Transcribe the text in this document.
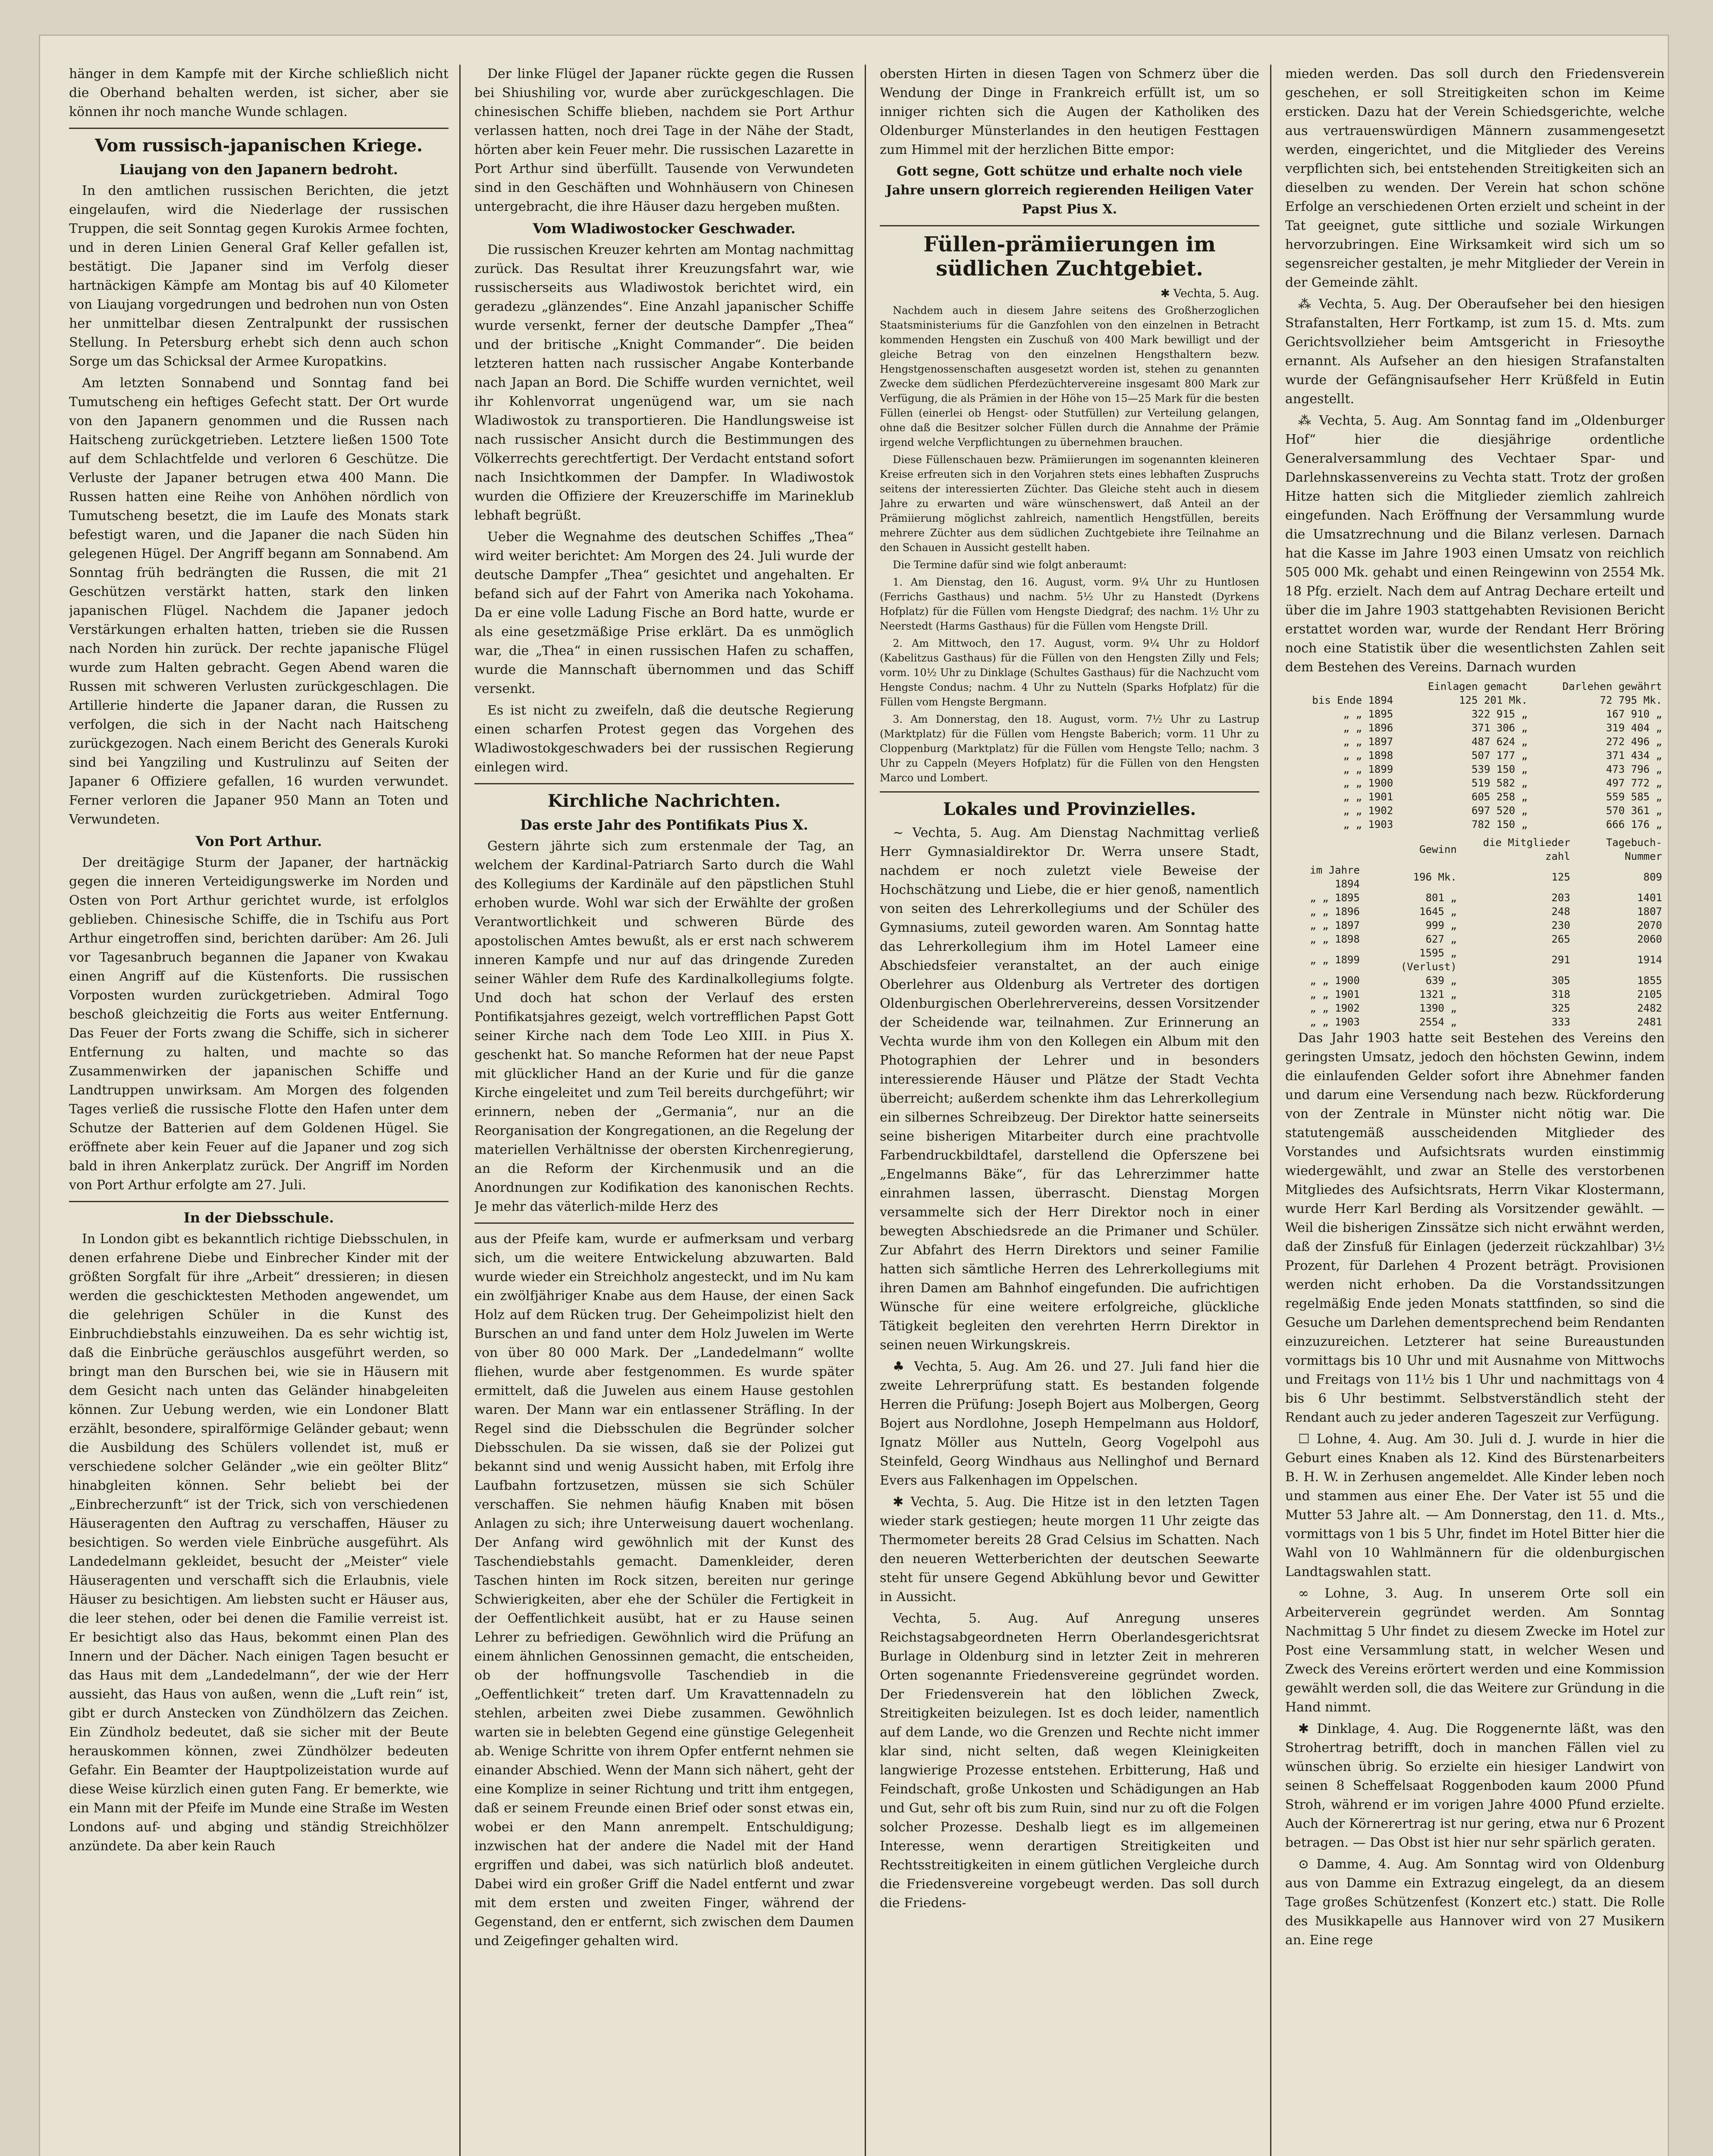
hänger in dem Kampfe mit der Kirche schließlich nicht die Oberhand behalten werden, ist sicher, aber sie können ihr noch manche Wunde schlagen.

Vom russisch-japanischen Kriege.
Liaujang von den Japanern bedroht.

In den amtlichen russischen Berichten, die jetzt eingelaufen, wird die Niederlage der russischen Truppen, die seit Sonntag gegen Kurokis Armee fochten, und in deren Linien General Graf Keller gefallen ist, bestätigt. Die Japaner sind im Verfolg dieser hartnäckigen Kämpfe am Montag bis auf 40 Kilometer von Liaujang vorgedrungen und bedrohen nun von Osten her unmittelbar diesen Zentralpunkt der russischen Stellung. In Petersburg erhebt sich denn auch schon Sorge um das Schicksal der Armee Kuropatkins.

Am letzten Sonnabend und Sonntag fand bei Tumutscheng ein heftiges Gefecht statt. Der Ort wurde von den Japanern genommen und die Russen nach Haitscheng zurückgetrieben. Letztere ließen 1500 Tote auf dem Schlachtfelde und verloren 6 Geschütze. Die Verluste der Japaner betrugen etwa 400 Mann. Die Russen hatten eine Reihe von Anhöhen nördlich von Tumutscheng besetzt, die im Laufe des Monats stark befestigt waren, und die Japaner die nach Süden hin gelegenen Hügel. Der Angriff begann am Sonnabend. Am Sonntag früh bedrängten die Russen, die mit 21 Geschützen verstärkt hatten, stark den linken japanischen Flügel. Nachdem die Japaner jedoch Verstärkungen erhalten hatten, trieben sie die Russen nach Norden hin zurück. Der rechte japanische Flügel wurde zum Halten gebracht. Gegen Abend waren die Russen mit schweren Verlusten zurückgeschlagen. Die Artillerie hinderte die Japaner daran, die Russen zu verfolgen, die sich in der Nacht nach Haitscheng zurückgezogen. Nach einem Bericht des Generals Kuroki sind bei Yangziling und Kustrulinzu auf Seiten der Japaner 6 Offiziere gefallen, 16 wurden verwundet. Ferner verloren die Japaner 950 Mann an Toten und Verwundeten.

Von Port Arthur.

Der dreitägige Sturm der Japaner, der hartnäckig gegen die inneren Verteidigungswerke im Norden und Osten von Port Arthur gerichtet wurde, ist erfolglos geblieben. Chinesische Schiffe, die in Tschifu aus Port Arthur eingetroffen sind, berichten darüber: Am 26. Juli vor Tagesanbruch begannen die Japaner von Kwakau einen Angriff auf die Küstenforts. Die russischen Vorposten wurden zurückgetrieben. Admiral Togo beschoß gleichzeitig die Forts aus weiter Entfernung. Das Feuer der Forts zwang die Schiffe, sich in sicherer Entfernung zu halten, und machte so das Zusammenwirken der japanischen Schiffe und Landtruppen unwirksam. Am Morgen des folgenden Tages verließ die russische Flotte den Hafen unter dem Schutze der Batterien auf dem Goldenen Hügel. Sie eröffnete aber kein Feuer auf die Japaner und zog sich bald in ihren Ankerplatz zurück. Der Angriff im Norden von Port Arthur erfolgte am 27. Juli.

In der Diebsschule.

In London gibt es bekanntlich richtige Diebsschulen, in denen erfahrene Diebe und Einbrecher Kinder mit der größten Sorgfalt für ihre „Arbeit“ dressieren; in diesen werden die geschicktesten Methoden angewendet, um die gelehrigen Schüler in die Kunst des Einbruchdiebstahls einzuweihen. Da es sehr wichtig ist, daß die Einbrüche geräuschlos ausgeführt werden, so bringt man den Burschen bei, wie sie in Häusern mit dem Gesicht nach unten das Geländer hinabgeleiten können. Zur Uebung werden, wie ein Londoner Blatt erzählt, besondere, spiralförmige Geländer gebaut; wenn die Ausbildung des Schülers vollendet ist, muß er verschiedene solcher Geländer „wie ein geölter Blitz“ hinabgleiten können. Sehr beliebt bei der „Einbrecherzunft“ ist der Trick, sich von verschiedenen Häuseragenten den Auftrag zu verschaffen, Häuser zu besichtigen. So werden viele Einbrüche ausgeführt. Als Landedelmann gekleidet, besucht der „Meister“ viele Häuseragenten und verschafft sich die Erlaubnis, viele Häuser zu besichtigen. Am liebsten sucht er Häuser aus, die leer stehen, oder bei denen die Familie verreist ist. Er besichtigt also das Haus, bekommt einen Plan des Innern und der Dächer. Nach einigen Tagen besucht er das Haus mit dem „Landedelmann“, der wie der Herr aussieht, das Haus von außen, wenn die „Luft rein“ ist, gibt er durch Anstecken von Zündhölzern das Zeichen. Ein Zündholz bedeutet, daß sie sicher mit der Beute herauskommen können, zwei Zündhölzer bedeuten Gefahr. Ein Beamter der Hauptpolizeistation wurde auf diese Weise kürzlich einen guten Fang. Er bemerkte, wie ein Mann mit der Pfeife im Munde eine Straße im Westen Londons auf- und abging und ständig Streichhölzer anzündete. Da aber kein Rauch

Der linke Flügel der Japaner rückte gegen die Russen bei Shiushiling vor, wurde aber zurückgeschlagen. Die chinesischen Schiffe blieben, nachdem sie Port Arthur verlassen hatten, noch drei Tage in der Nähe der Stadt, hörten aber kein Feuer mehr. Die russischen Lazarette in Port Arthur sind überfüllt. Tausende von Verwundeten sind in den Geschäften und Wohnhäusern von Chinesen untergebracht, die ihre Häuser dazu hergeben mußten.

Vom Wladiwostocker Geschwader.

Die russischen Kreuzer kehrten am Montag nachmittag zurück. Das Resultat ihrer Kreuzungsfahrt war, wie russischerseits aus Wladiwostok berichtet wird, ein geradezu „glänzendes“. Eine Anzahl japanischer Schiffe wurde versenkt, ferner der deutsche Dampfer „Thea“ und der britische „Knight Commander“. Die beiden letzteren hatten nach russischer Angabe Konterbande nach Japan an Bord. Die Schiffe wurden vernichtet, weil ihr Kohlenvorrat ungenügend war, um sie nach Wladiwostok zu transportieren. Die Handlungsweise ist nach russischer Ansicht durch die Bestimmungen des Völkerrechts gerechtfertigt. Der Verdacht entstand sofort nach Insichtkommen der Dampfer. In Wladiwostok wurden die Offiziere der Kreuzerschiffe im Marineklub lebhaft begrüßt.

Ueber die Wegnahme des deutschen Schiffes „Thea“ wird weiter berichtet: Am Morgen des 24. Juli wurde der deutsche Dampfer „Thea“ gesichtet und angehalten. Er befand sich auf der Fahrt von Amerika nach Yokohama. Da er eine volle Ladung Fische an Bord hatte, wurde er als eine gesetzmäßige Prise erklärt. Da es unmöglich war, die „Thea“ in einen russischen Hafen zu schaffen, wurde die Mannschaft übernommen und das Schiff versenkt.

Es ist nicht zu zweifeln, daß die deutsche Regierung einen scharfen Protest gegen das Vorgehen des Wladiwostokgeschwaders bei der russischen Regierung einlegen wird.

Kirchliche Nachrichten.
Das erste Jahr des Pontifikats Pius X.

Gestern jährte sich zum erstenmale der Tag, an welchem der Kardinal-Patriarch Sarto durch die Wahl des Kollegiums der Kardinäle auf den päpstlichen Stuhl erhoben wurde. Wohl war sich der Erwählte der großen Verantwortlichkeit und schweren Bürde des apostolischen Amtes bewußt, als er erst nach schwerem inneren Kampfe und nur auf das dringende Zureden seiner Wähler dem Rufe des Kardinalkollegiums folgte. Und doch hat schon der Verlauf des ersten Pontifikatsjahres gezeigt, welch vortrefflichen Papst Gott seiner Kirche nach dem Tode Leo XIII. in Pius X. geschenkt hat. So manche Reformen hat der neue Papst mit glücklicher Hand an der Kurie und für die ganze Kirche eingeleitet und zum Teil bereits durchgeführt; wir erinnern, neben der „Germania“, nur an die Reorganisation der Kongregationen, an die Regelung der materiellen Verhältnisse der obersten Kirchenregierung, an die Reform der Kirchenmusik und an die Anordnungen zur Kodifikation des kanonischen Rechts. Je mehr das väterlich-milde Herz des

aus der Pfeife kam, wurde er aufmerksam und verbarg sich, um die weitere Entwickelung abzuwarten. Bald wurde wieder ein Streichholz angesteckt, und im Nu kam ein zwölfjähriger Knabe aus dem Hause, der einen Sack Holz auf dem Rücken trug. Der Geheimpolizist hielt den Burschen an und fand unter dem Holz Juwelen im Werte von über 80 000 Mark. Der „Landedelmann“ wollte fliehen, wurde aber festgenommen. Es wurde später ermittelt, daß die Juwelen aus einem Hause gestohlen waren. Der Mann war ein entlassener Sträfling. In der Regel sind die Diebsschulen die Begründer solcher Diebsschulen. Da sie wissen, daß sie der Polizei gut bekannt sind und wenig Aussicht haben, mit Erfolg ihre Laufbahn fortzusetzen, müssen sie sich Schüler verschaffen. Sie nehmen häufig Knaben mit bösen Anlagen zu sich; ihre Unterweisung dauert wochenlang. Der Anfang wird gewöhnlich mit der Kunst des Taschendiebstahls gemacht. Damenkleider, deren Taschen hinten im Rock sitzen, bereiten nur geringe Schwierigkeiten, aber ehe der Schüler die Fertigkeit in der Oeffentlichkeit ausübt, hat er zu Hause seinen Lehrer zu befriedigen. Gewöhnlich wird die Prüfung an einem ähnlichen Genossinnen gemacht, die entscheiden, ob der hoffnungsvolle Taschendieb in die „Oeffentlichkeit“ treten darf. Um Kravattennadeln zu stehlen, arbeiten zwei Diebe zusammen. Gewöhnlich warten sie in belebten Gegend eine günstige Gelegenheit ab. Wenige Schritte von ihrem Opfer entfernt nehmen sie einander Abschied. Wenn der Mann sich nähert, geht der eine Komplize in seiner Richtung und tritt ihm entgegen, daß er seinem Freunde einen Brief oder sonst etwas ein, wobei er den Mann anrempelt. Entschuldigung; inzwischen hat der andere die Nadel mit der Hand ergriffen und dabei, was sich natürlich bloß andeutet. Dabei wird ein großer Griff die Nadel entfernt und zwar mit dem ersten und zweiten Finger, während der Gegenstand, den er entfernt, sich zwischen dem Daumen und Zeigefinger gehalten wird.

obersten Hirten in diesen Tagen von Schmerz über die Wendung der Dinge in Frankreich erfüllt ist, um so inniger richten sich die Augen der Katholiken des Oldenburger Münsterlandes in den heutigen Festtagen zum Himmel mit der herzlichen Bitte empor:

Gott segne, Gott schütze und erhalte noch viele Jahre unsern glorreich regierenden Heiligen Vater Papst Pius X.

Füllen-prämiierungen im südlichen Zuchtgebiet.
✱ Vechta, 5. Aug.

Nachdem auch in diesem Jahre seitens des Großherzoglichen Staatsministeriums für die Ganzfohlen von den einzelnen in Betracht kommenden Hengsten ein Zuschuß von 400 Mark bewilligt und der gleiche Betrag von den einzelnen Hengsthaltern bezw. Hengstgenossenschaften ausgesetzt worden ist, stehen zu genannten Zwecke dem südlichen Pferdezüchtervereine insgesamt 800 Mark zur Verfügung, die als Prämien in der Höhe von 15—25 Mark für die besten Füllen (einerlei ob Hengst- oder Stutfüllen) zur Verteilung gelangen, ohne daß die Besitzer solcher Füllen durch die Annahme der Prämie irgend welche Verpflichtungen zu übernehmen brauchen.

Diese Füllenschauen bezw. Prämiierungen im sogenannten kleineren Kreise erfreuten sich in den Vorjahren stets eines lebhaften Zuspruchs seitens der interessierten Züchter. Das Gleiche steht auch in diesem Jahre zu erwarten und wäre wünschenswert, daß Anteil an der Prämiierung möglichst zahlreich, namentlich Hengstfüllen, bereits mehrere Züchter aus dem südlichen Zuchtgebiete ihre Teilnahme an den Schauen in Aussicht gestellt haben.

Die Termine dafür sind wie folgt anberaumt:

1. Am Dienstag, den 16. August, vorm. 9¼ Uhr zu Huntlosen (Ferrichs Gasthaus) und nachm. 5½ Uhr zu Hanstedt (Dyrkens Hofplatz) für die Füllen vom Hengste Diedgraf; des nachm. 1½ Uhr zu Neerstedt (Harms Gasthaus) für die Füllen vom Hengste Drill.

2. Am Mittwoch, den 17. August, vorm. 9¼ Uhr zu Holdorf (Kabelitzus Gasthaus) für die Füllen von den Hengsten Zilly und Fels; vorm. 10½ Uhr zu Dinklage (Schultes Gasthaus) für die Nachzucht vom Hengste Condus; nachm. 4 Uhr zu Nutteln (Sparks Hofplatz) für die Füllen vom Hengste Bergmann.

3. Am Donnerstag, den 18. August, vorm. 7½ Uhr zu Lastrup (Marktplatz) für die Füllen vom Hengste Baberich; vorm. 11 Uhr zu Cloppenburg (Marktplatz) für die Füllen vom Hengste Tello; nachm. 3 Uhr zu Cappeln (Meyers Hofplatz) für die Füllen von den Hengsten Marco und Lombert.

Lokales und Provinzielles.

~ Vechta, 5. Aug. Am Dienstag Nachmittag verließ Herr Gymnasialdirektor Dr. Werra unsere Stadt, nachdem er noch zuletzt viele Beweise der Hochschätzung und Liebe, die er hier genoß, namentlich von seiten des Lehrerkollegiums und der Schüler des Gymnasiums, zuteil geworden waren. Am Sonntag hatte das Lehrerkollegium ihm im Hotel Lameer eine Abschiedsfeier veranstaltet, an der auch einige Oberlehrer aus Oldenburg als Vertreter des dortigen Oldenburgischen Oberlehrervereins, dessen Vorsitzender der Scheidende war, teilnahmen. Zur Erinnerung an Vechta wurde ihm von den Kollegen ein Album mit den Photographien der Lehrer und in besonders interessierende Häuser und Plätze der Stadt Vechta überreicht; außerdem schenkte ihm das Lehrerkollegium ein silbernes Schreibzeug. Der Direktor hatte seinerseits seine bisherigen Mitarbeiter durch eine prachtvolle Farbendruckbildtafel, darstellend die Opferszene bei „Engelmanns Bäke“, für das Lehrerzimmer hatte einrahmen lassen, überrascht. Dienstag Morgen versammelte sich der Herr Direktor noch in einer bewegten Abschiedsrede an die Primaner und Schüler. Zur Abfahrt des Herrn Direktors und seiner Familie hatten sich sämtliche Herren des Lehrerkollegiums mit ihren Damen am Bahnhof eingefunden. Die aufrichtigen Wünsche für eine weitere erfolgreiche, glückliche Tätigkeit begleiten den verehrten Herrn Direktor in seinen neuen Wirkungskreis.

♣ Vechta, 5. Aug. Am 26. und 27. Juli fand hier die zweite Lehrerprüfung statt. Es bestanden folgende Herren die Prüfung: Joseph Bojert aus Molbergen, Georg Bojert aus Nordlohne, Joseph Hempelmann aus Holdorf, Ignatz Möller aus Nutteln, Georg Vogelpohl aus Steinfeld, Georg Windhaus aus Nellinghof und Bernard Evers aus Falkenhagen im Oppelschen.

✱ Vechta, 5. Aug. Die Hitze ist in den letzten Tagen wieder stark gestiegen; heute morgen 11 Uhr zeigte das Thermometer bereits 28 Grad Celsius im Schatten. Nach den neueren Wetterberichten der deutschen Seewarte steht für unsere Gegend Abkühlung bevor und Gewitter in Aussicht.

Vechta, 5. Aug. Auf Anregung unseres Reichstagsabgeordneten Herrn Oberlandesgerichtsrat Burlage in Oldenburg sind in letzter Zeit in mehreren Orten sogenannte Friedensvereine gegründet worden. Der Friedensverein hat den löblichen Zweck, Streitigkeiten beizulegen. Ist es doch leider, namentlich auf dem Lande, wo die Grenzen und Rechte nicht immer klar sind, nicht selten, daß wegen Kleinigkeiten langwierige Prozesse entstehen. Erbitterung, Haß und Feindschaft, große Unkosten und Schädigungen an Hab und Gut, sehr oft bis zum Ruin, sind nur zu oft die Folgen solcher Prozesse. Deshalb liegt es im allgemeinen Interesse, wenn derartigen Streitigkeiten und Rechtsstreitigkeiten in einem gütlichen Vergleiche durch die Friedensvereine vorgebeugt werden. Das soll durch die Friedens-

mieden werden. Das soll durch den Friedensverein geschehen, er soll Streitigkeiten schon im Keime ersticken. Dazu hat der Verein Schiedsgerichte, welche aus vertrauenswürdigen Männern zusammengesetzt werden, eingerichtet, und die Mitglieder des Vereins verpflichten sich, bei entstehenden Streitigkeiten sich an dieselben zu wenden. Der Verein hat schon schöne Erfolge an verschiedenen Orten erzielt und scheint in der Tat geeignet, gute sittliche und soziale Wirkungen hervorzubringen. Eine Wirksamkeit wird sich um so segensreicher gestalten, je mehr Mitglieder der Verein in der Gemeinde zählt.

⁂ Vechta, 5. Aug. Der Oberaufseher bei den hiesigen Strafanstalten, Herr Fortkamp, ist zum 15. d. Mts. zum Gerichtsvollzieher beim Amtsgericht in Friesoythe ernannt. Als Aufseher an den hiesigen Strafanstalten wurde der Gefängnisaufseher Herr Krüßfeld in Eutin angestellt.

⁂ Vechta, 5. Aug. Am Sonntag fand im „Oldenburger Hof“ hier die diesjährige ordentliche Generalversammlung des Vechtaer Spar- und Darlehnskassenvereins zu Vechta statt. Trotz der großen Hitze hatten sich die Mitglieder ziemlich zahlreich eingefunden. Nach Eröffnung der Versammlung wurde die Umsatzrechnung und die Bilanz verlesen. Darnach hat die Kasse im Jahre 1903 einen Umsatz von reichlich 505 000 Mk. gehabt und einen Reingewinn von 2554 Mk. 18 Pfg. erzielt. Nach dem auf Antrag Dechare erteilt und über die im Jahre 1903 stattgehabten Revisionen Bericht erstattet worden war, wurde der Rendant Herr Bröring noch eine Statistik über die wesentlichsten Zahlen seit dem Bestehen des Vereins. Darnach wurden

	Einlagen gemacht	Darlehen gewährt
bis Ende 1894	125 201 Mk.	72 795 Mk.
„ „ 1895	322 915 „	167 910 „
„ „ 1896	371 306 „	319 404 „
„ „ 1897	487 624 „	272 496 „
„ „ 1898	507 177 „	371 434 „
„ „ 1899	539 150 „	473 796 „
„ „ 1900	519 582 „	497 772 „
„ „ 1901	605 258 „	559 585 „
„ „ 1902	697 520 „	570 361 „
„ „ 1903	782 150 „	666 176 „
	Gewinn	die Mitglieder zahl	Tagebuch-Nummer
im Jahre 1894	196 Mk.	125	809
„ „ 1895	801 „	203	1401
„ „ 1896	1645 „	248	1807
„ „ 1897	999 „	230	2070
„ „ 1898	627 „	265	2060
„ „ 1899	1595 „ (Verlust)	291	1914
„ „ 1900	639 „	305	1855
„ „ 1901	1321 „	318	2105
„ „ 1902	1390 „	325	2482
„ „ 1903	2554 „	333	2481

Das Jahr 1903 hatte seit Bestehen des Vereins den geringsten Umsatz, jedoch den höchsten Gewinn, indem die einlaufenden Gelder sofort ihre Abnehmer fanden und darum eine Versendung nach bezw. Rückforderung von der Zentrale in Münster nicht nötig war. Die statutengemäß ausscheidenden Mitglieder des Vorstandes und Aufsichtsrats wurden einstimmig wiedergewählt, und zwar an Stelle des verstorbenen Mitgliedes des Aufsichtsrats, Herrn Vikar Klostermann, wurde Herr Karl Berding als Vorsitzender gewählt. — Weil die bisherigen Zinssätze sich nicht erwähnt werden, daß der Zinsfuß für Einlagen (jederzeit rückzahlbar) 3½ Prozent, für Darlehen 4 Prozent beträgt. Provisionen werden nicht erhoben. Da die Vorstandssitzungen regelmäßig Ende jeden Monats stattfinden, so sind die Gesuche um Darlehen dementsprechend beim Rendanten einzuzureichen. Letzterer hat seine Bureaustunden vormittags bis 10 Uhr und mit Ausnahme von Mittwochs und Freitags von 11½ bis 1 Uhr und nachmittags von 4 bis 6 Uhr bestimmt. Selbstverständlich steht der Rendant auch zu jeder anderen Tageszeit zur Verfügung.

☐ Lohne, 4. Aug. Am 30. Juli d. J. wurde in hier die Geburt eines Knaben als 12. Kind des Bürstenarbeiters B. H. W. in Zerhusen angemeldet. Alle Kinder leben noch und stammen aus einer Ehe. Der Vater ist 55 und die Mutter 53 Jahre alt. — Am Donnerstag, den 11. d. Mts., vormittags von 1 bis 5 Uhr, findet im Hotel Bitter hier die Wahl von 10 Wahlmännern für die oldenburgischen Landtagswahlen statt.

∞ Lohne, 3. Aug. In unserem Orte soll ein Arbeiterverein gegründet werden. Am Sonntag Nachmittag 5 Uhr findet zu diesem Zwecke im Hotel zur Post eine Versammlung statt, in welcher Wesen und Zweck des Vereins erörtert werden und eine Kommission gewählt werden soll, die das Weitere zur Gründung in die Hand nimmt.

✱ Dinklage, 4. Aug. Die Roggenernte läßt, was den Strohertrag betrifft, doch in manchen Fällen viel zu wünschen übrig. So erzielte ein hiesiger Landwirt von seinen 8 Scheffelsaat Roggenboden kaum 2000 Pfund Stroh, während er im vorigen Jahre 4000 Pfund erzielte. Auch der Körnerertrag ist nur gering, etwa nur 6 Prozent betragen. — Das Obst ist hier nur sehr spärlich geraten.

⊙ Damme, 4. Aug. Am Sonntag wird von Oldenburg aus von Damme ein Extrazug eingelegt, da an diesem Tage großes Schützenfest (Konzert etc.) statt. Die Rolle des Musikkapelle aus Hannover wird von 27 Musikern an. Eine rege
